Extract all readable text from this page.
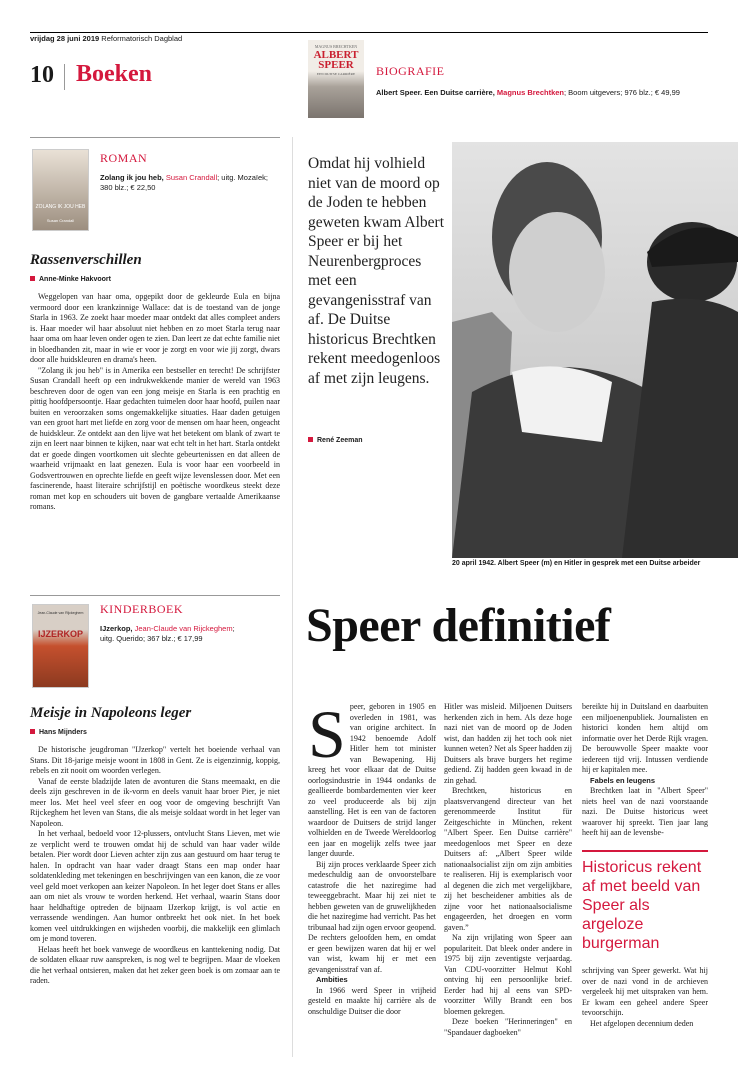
vrijdag 28 juni 2019 Reformatorisch Dagblad
10 Boeken
MAGNUS BRECHTKEN
ALBERT SPEER
EEN DUITSE CARRIÈRE	BIOGRAFIE
Albert Speer. Een Duitse carrière, Magnus Brechtken; Boom uitgevers; 976 blz.; € 49,99
ZOLANG IK JOU HEB
Susan Crandall
ROMAN
Zolang ik jou heb, Susan Crandall; uitg. Mozaïek; 380 blz.; € 22,50
Rassenverschillen
Anne-Minke Hakvoort

Weggelopen van haar oma, opgepikt door de gekleurde Eula en bijna vermoord door een krankzinnige Wallace: dat is de toestand van de jonge Starla in 1963. Ze zoekt haar moeder maar ontdekt dat alles compleet anders is. Haar moeder wil haar absoluut niet hebben en zo moet Starla terug naar haar oma om haar leven onder ogen te zien. Dan leert ze dat echte familie niet in bloedbanden zit, maar in wie er voor je zorgt en voor wie jij zorgt, dwars door alle huidskleuren en drama's heen.

"Zolang ik jou heb" is in Amerika een bestseller en terecht! De schrijfster Susan Crandall heeft op een indrukwekkende manier de wereld van 1963 beschreven door de ogen van een jong meisje en Starla is een prachtig en pittig hoofdpersoontje. Haar gedachten tuimelen door haar hoofd, puilen naar buiten en veroorzaken soms ongemakkelijke situaties. Haar daden getuigen van een groot hart met liefde en zorg voor de mensen om haar heen, ongeacht de huidskleur. Ze ontdekt aan den lijve wat het betekent om blank of zwart te zijn en leert naar binnen te kijken, naar wat echt telt in het hart. Starla ontdekt dat er goede dingen voortkomen uit slechte gebeurtenissen en dat alleen de waarheid vrijmaakt en laat genezen. Eula is voor haar een voorbeeld in Godsvertrouwen en oprechte liefde en geeft wijze levenslessen door. Met een fascinerende, haast literaire schrijfstijl en poëtische woordkeus steekt deze roman met kop en schouders uit boven de gangbare vertaalde Amerikaanse romans.

IJZERKOP
Jean-Claude van Rijckeghem	KINDERBOEK
IJzerkop, Jean-Claude van Rijckeghem; uitg. Querido; 367 blz.; € 17,99
Meisje in Napoleons leger
Hans Mijnders

De historische jeugdroman "IJzerkop" vertelt het boeiende verhaal van Stans. Dit 18-jarige meisje woont in 1808 in Gent. Ze is eigenzinnig, koppig, rebels en zit nooit om woorden verlegen.

Vanaf de eerste bladzijde laten de avonturen die Stans meemaakt, en die deels zijn geschreven in de ik-vorm en deels vanuit haar broer Pier, je niet meer los. Met heel veel sfeer en oog voor de omgeving beschrijft Van Rijckeghem het leven van Stans, die als meisje soldaat wordt in het leger van Napoleon.

In het verhaal, bedoeld voor 12-plussers, ontvlucht Stans Lieven, met wie ze verplicht werd te trouwen omdat hij de schuld van haar vader wilde betalen. Pier wordt door Lieven achter zijn zus aan gestuurd om haar terug te halen. In opdracht van haar vader draagt Stans een map onder haar soldatenkleding met tekeningen en beschrijvingen van een kanon, die ze voor veel geld moet verkopen aan keizer Napoleon. In het leger doet Stans er alles aan om niet als vrouw te worden herkend. Het verhaal, waarin Stans door haar heldhaftige optreden de bijnaam IJzerkop krijgt, is vol actie en verrassende wendingen. Aan humor ontbreekt het ook niet. In het boek komen veel uitdrukkingen en wijsheden voorbij, die makkelijk een glimlach om je mond toveren.

Helaas heeft het boek vanwege de woordkeus en kanttekening nodig. Dat de soldaten elkaar ruw aanspreken, is nog wel te begrijpen. Maar de vloeken die het verhaal ontsieren, maken dat het zeker geen boek is om zomaar aan te raden.

Omdat hij volhield niet van de moord op de Joden te hebben geweten kwam Albert Speer er bij het Neurenbergproces met een gevangenisstraf van af. De Duitse historicus Brechtken rekent meedogenloos af met zijn leugens.
René Zeeman
20 april 1942. Albert Speer (m) en Hitler in gesprek met een Duitse arbeider
Speer definitief
S peer, geboren in 1905 en overleden in 1981, was van origine architect. In 1942 benoemde Adolf Hitler hem tot minister van Bewapening. Hij kreeg het voor elkaar dat de Duitse oorlogsindustrie in 1944 ondanks de geallieerde bombardementen vier keer zo veel produceerde als bij zijn aanstelling. Het is een van de factoren waardoor de Duitsers de strijd langer volhielden en de Tweede Wereldoorlog een jaar en mogelijk zelfs twee jaar langer duurde.

Bij zijn proces verklaarde Speer zich medeschuldig aan de onvoorstelbare catastrofe die het naziregime had teweeggebracht. Maar hij zei niet te hebben geweten van de gruwelijkheden die het naziregime had verricht. Pas het tribunaal had zijn ogen ervoor geopend. De rechters geloofden hem, en omdat er geen bewijzen waren dat hij er wel van wist, kwam hij er met een gevangenisstraf van af.

Ambities

In 1966 werd Speer in vrijheid gesteld en maakte hij carrière als de onschuldige Duitser die door

Hitler was misleid. Miljoenen Duitsers herkenden zich in hem. Als deze hoge nazi niet van de moord op de Joden wist, dan hadden zij het toch ook niet kunnen weten? Net als Speer hadden zij Duitsers als brave burgers het regime gediend. Zij hadden geen kwaad in de zin gehad.

Brechtken, historicus en plaatsvervangend directeur van het gerenommeerde Institut für Zeitgeschichte in München, rekent "Albert Speer. Een Duitse carrière" meedogenloos met Speer en deze Duitsers af: „Albert Speer wilde nationaalsocialist zijn om zijn ambities te realiseren. Hij is exemplarisch voor al degenen die zich met vergelijkbare, zij het bescheidener ambities als de zijne voor het nationaalsocialisme engageerden, het droegen en vorm gaven.”

Na zijn vrijlating won Speer aan populariteit. Dat bleek onder andere in 1975 bij zijn zeventigste verjaardag. Van CDU-voorzitter Helmut Kohl ontving hij een persoonlijke brief. Eerder had hij al eens van SPD-voorzitter Willy Brandt een bos bloemen gekregen.

Deze boeken "Herinneringen" en "Spandauer dagboeken"

bereikte hij in Duitsland en daarbuiten een miljoenenpubliek. Journalisten en historici konden hem altijd om informatie over het Derde Rijk vragen. De berouwvolle Speer maakte voor iedereen tijd vrij. Intussen verdiende hij er kapitalen mee.

Fabels en leugens

Brechtken laat in "Albert Speer" niets heel van de nazi voorstaande nazi. De Duitse historicus weet waarover hij spreekt. Tien jaar lang heeft hij aan de levensbe-

Historicus rekent af met beeld van Speer als argeloze burgerman

schrijving van Speer gewerkt. Wat hij over de nazi vond in de archieven vergeleek hij met uitspraken van hem. Er kwam een geheel andere Speer tevoorschijn.

Het afgelopen decennium deden
